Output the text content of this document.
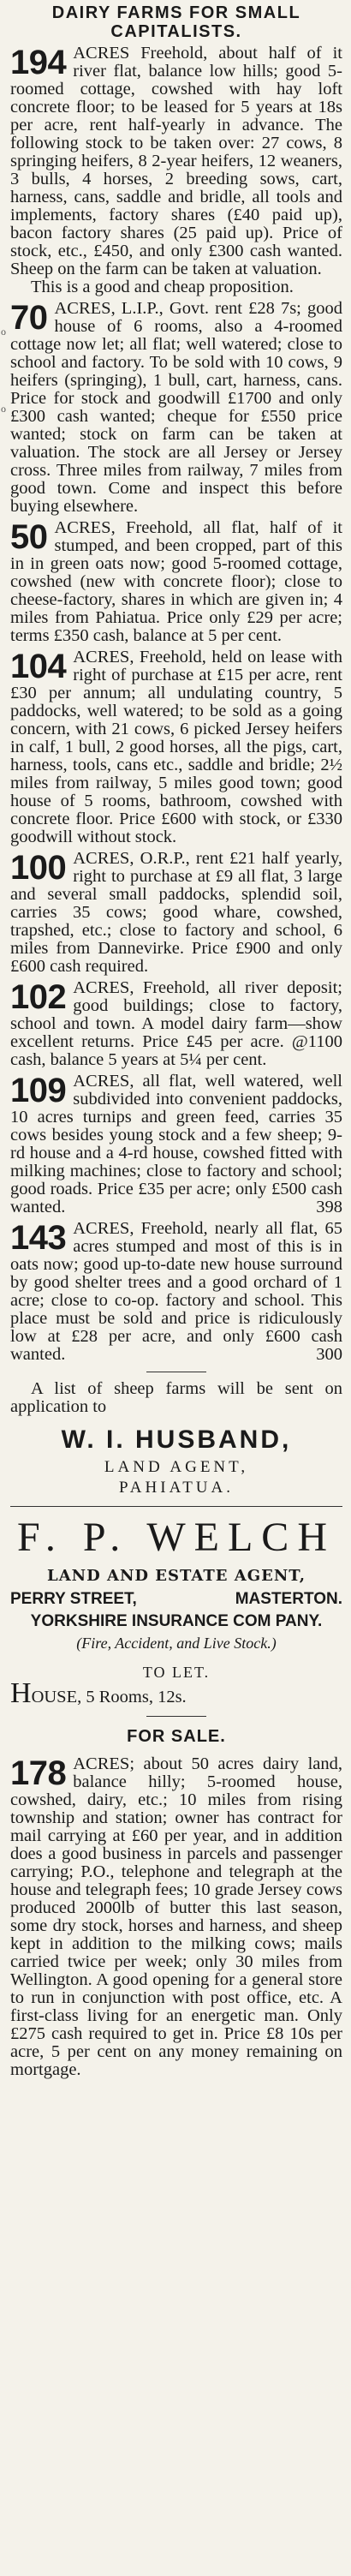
o
o
DAIRY FARMS FOR SMALL CAPITALISTS.
194 ACRES Freehold, about half of it river flat, balance low hills; good 5-roomed cottage, cowshed with hay loft concrete floor; to be leased for 5 years at 18s per acre, rent half-yearly in advance. The following stock to be taken over: 27 cows, 8 springing heifers, 8 2-year heifers, 12 weaners, 3 bulls, 4 horses, 2 breeding sows, cart, harness, cans, saddle and bridle, all tools and implements, factory shares (£40 paid up), bacon factory shares (25 paid up). Price of stock, etc., £450, and only £300 cash wanted. Sheep on the farm can be taken at valuation.
This is a good and cheap proposition.
70 ACRES, L.I.P., Govt. rent £28 7s; good house of 6 rooms, also a 4-roomed cottage now let; all flat; well watered; close to school and factory. To be sold with 10 cows, 9 heifers (springing), 1 bull, cart, harness, cans. Price for stock and goodwill £1700 and only £300 cash wanted; cheque for £550 price wanted; stock on farm can be taken at valuation. The stock are all Jersey or Jersey cross. Three miles from railway, 7 miles from good town. Come and inspect this before buying elsewhere.
50 ACRES, Freehold, all flat, half of it stumped, and been cropped, part of this in in green oats now; good 5-roomed cottage, cowshed (new with concrete floor); close to cheese-factory, shares in which are given in; 4 miles from Pahiatua. Price only £29 per acre; terms £350 cash, balance at 5 per cent.
104 ACRES, Freehold, held on lease with right of purchase at £15 per acre, rent £30 per annum; all undulating country, 5 paddocks, well watered; to be sold as a going concern, with 21 cows, 6 picked Jersey heifers in calf, 1 bull, 2 good horses, all the pigs, cart, harness, tools, cans etc., saddle and bridle; 2½ miles from railway, 5 miles good town; good house of 5 rooms, bathroom, cowshed with concrete floor. Price £600 with stock, or £330 goodwill without stock.
100 ACRES, O.R.P., rent £21 half yearly, right to purchase at £9 all flat, 3 large and several small paddocks, splendid soil, carries 35 cows; good whare, cowshed, trapshed, etc.; close to factory and school, 6 miles from Dannevirke. Price £900 and only £600 cash required.
102 ACRES, Freehold, all river deposit; good buildings; close to factory, school and town. A model dairy farm—show excellent returns. Price £45 per acre. @1100 cash, balance 5 years at 5¼ per cent.
109 ACRES, all flat, well watered, well subdivided into convenient paddocks, 10 acres turnips and green feed, carries 35 cows besides young stock and a few sheep; 9-rd house and a 4-rd house, cowshed fitted with milking machines; close to factory and school; good roads. Price £35 per acre; only £500 cash wanted.	398
143 ACRES, Freehold, nearly all flat, 65 acres stumped and most of this is in oats now; good up-to-date new house surround by good shelter trees and a good orchard of 1 acre; close to co-op. factory and school. This place must be sold and price is ridiculously low at £28 per acre, and only £600 cash wanted.	300
A list of sheep farms will be sent on application to
W. I. HUSBAND,
LAND AGENT,
PAHIATUA.
F. P. WELCH
LAND AND ESTATE AGENT,
PERRY STREET,	MASTERTON.
YORKSHIRE INSURANCE COM PANY.
(Fire, Accident, and Live Stock.)
TO LET.
HOUSE, 5 Rooms, 12s.
FOR SALE.
178 ACRES; about 50 acres dairy land, balance hilly; 5-roomed house, cowshed, dairy, etc.; 10 miles from rising township and station; owner has contract for mail carrying at £60 per year, and in addition does a good business in parcels and passenger carrying; P.O., telephone and telegraph at the house and telegraph fees; 10 grade Jersey cows produced 2000lb of butter this last season, some dry stock, horses and harness, and sheep kept in addition to the milking cows; mails carried twice per week; only 30 miles from Wellington. A good opening for a general store to run in conjunction with post office, etc. A first-class living for an energetic man. Only £275 cash required to get in. Price £8 10s per acre, 5 per cent on any money remaining on mortgage.
